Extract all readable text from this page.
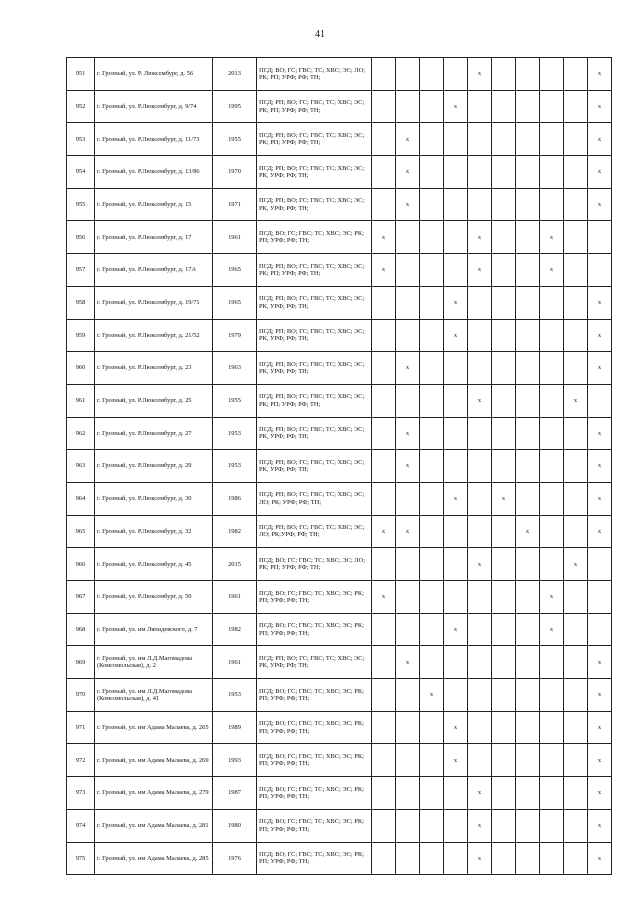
41
951	г. Грозный, ул. Р. Люксембург, д. 56	2013	ПСД; ВО; ГС; ГВС; ТС; ХВС; ЭС; ЛО; РК; РП; УРФ; РФ; ТН;					х					х
952	г. Грозный, ул. Р.Люксембург, д. 9/74	1995	ПСД; РП; ВО; ГС; ГВС; ТС; ХВС; ЭС; РК; РП; УРФ; РФ; ТН;				х						х
953	г. Грозный, ул. Р.Люксембург, д. 11/73	1955	ПСД; РП; ВО; ГС; ГВС; ТС; ХВС; ЭС; РК; РП; УРФ; РФ; ТН;		х								х
954	г. Грозный, ул. Р.Люксембург, д. 13/86	1970	ПСД; РП; ВО; ГС; ГВС; ТС; ХВС; ЭС; РК, УРФ; РФ; ТН;		х								х
955	г. Грозный, ул. Р.Люксембург, д. 15	1971	ПСД; РП; ВО; ГС; ГВС; ТС; ХВС; ЭС; РК, УРФ; РФ; ТН;		х								х
956	г. Грозный, ул. Р.Люксембург, д. 17	1961	ПСД; ВО; ГС; ГВС; ТС; ХВС; ЭС; РК; РП; УРФ; РФ; ТН;	х				х			х		
957	г. Грозный, ул. Р.Люксембург, д. 17А	1965	ПСД; РП; ВО; ГС; ГВС; ТС; ХВС; ЭС; РК; РП; УРФ; РФ; ТН;	х				х			х		
958	г. Грозный, ул. Р.Люксембург, д. 19/71	1965	ПСД; РП; ВО; ГС; ГВС; ТС; ХВС; ЭС; РК, УРФ; РФ; ТН;				х						х
959	г. Грозный, ул. Р.Люксембург, д. 21/52	1979	ПСД; РП; ВО; ГС; ГВС; ТС; ХВС; ЭС; РК, УРФ; РФ; ТН;				х						х
960	г. Грозный, ул. Р.Люксембург, д. 23	1963	ПСД; РП; ВО; ГС; ГВС; ТС; ХВС; ЭС; РК, УРФ; РФ; ТН;		х								х
961	г. Грозный, ул. Р.Люксембург, д. 25	1955	ПСД; РП; ВО; ГС; ГВС; ТС; ХВС; ЭС; РК; РП; УРФ; РФ; ТН;					х				х	
962	г. Грозный, ул. Р.Люксембург, д. 27	1953	ПСД; РП; ВО; ГС; ГВС; ТС; ХВС; ЭС; РК, УРФ; РФ; ТН;		х								х
963	г. Грозный, ул. Р.Люксембург, д. 29	1953	ПСД; РП; ВО; ГС; ГВС; ТС; ХВС; ЭС; РК, УРФ; РФ; ТН;		х								х
964	г. Грозный, ул. Р.Люксембург, д. 30	1986	ПСД; РП; ВО; ГС; ГВС; ТС; ХВС; ЭС; ЛО; РК; УРФ; РФ; ТН;				х		х				х
965	г. Грозный, ул. Р.Люксембург, д. 32	1982	ПСД; РП; ВО; ГС; ГВС; ТС; ХВС; ЭС; ЛО; РК;УРФ; РФ; ТН;	х	х					х			х
966	г. Грозный, ул. Р.Люксембург, д. 45	2015	ПСД; ВО; ГС; ГВС; ТС; ХВС; ЭС; ЛО; РК; РП; УРФ; РФ; ТН;					х				х	
967	г. Грозный, ул. Р.Люксембург, д. 50	1961	ПСД; ВО; ГС; ГВС; ТС; ХВС; ЭС; РК; РП; УРФ; РФ; ТН;	х							х		
968	г. Грозный, ул. им Ляпидевского, д. 7	1982	ПСД; ВО; ГС; ГВС; ТС; ХВС; ЭС; РК; РП; УРФ; РФ; ТН;				х				х		
969	г. Грозный, ул. им Л.Д.Магомадова (Комсомольская), д. 2	1961	ПСД; РП; ВО; ГС; ГВС; ТС; ХВС; ЭС; РК, УРФ; РФ; ТН;		х								х
970	г. Грозный, ул. им Л.Д.Магомадова (Комсомольская), д. 41	1953	ПСД; ВО; ГС; ГВС; ТС; ХВС; ЭС; РК; РП; УРФ; РФ; ТН;			х							х
971	г. Грозный, ул. им Адама Малаева, д. 265	1989	ПСД; ВО; ГС; ГВС; ТС; ХВС; ЭС; РК; РП; УРФ; РФ; ТН;				х						х
972	г. Грозный, ул. им Адама Малаева, д. 269	1993	ПСД; ВО; ГС; ГВС; ТС; ХВС; ЭС; РК; РП; УРФ; РФ; ТН;				х						х
973	г. Грозный, ул. им Адама Малаева, д. 279	1987	ПСД; ВО; ГС; ГВС; ТС; ХВС; ЭС; РК; РП; УРФ; РФ; ТН;					х					х
974	г. Грозный, ул. им Адама Малаева, д. 281	1980	ПСД; ВО; ГС; ГВС; ТС; ХВС; ЭС; РК; РП; УРФ; РФ; ТН;					х					х
975	г. Грозный, ул. им Адама Малаева, д. 285	1976	ПСД; ВО; ГС; ГВС; ТС; ХВС; ЭС; РК; РП; УРФ; РФ; ТН;					х					х
